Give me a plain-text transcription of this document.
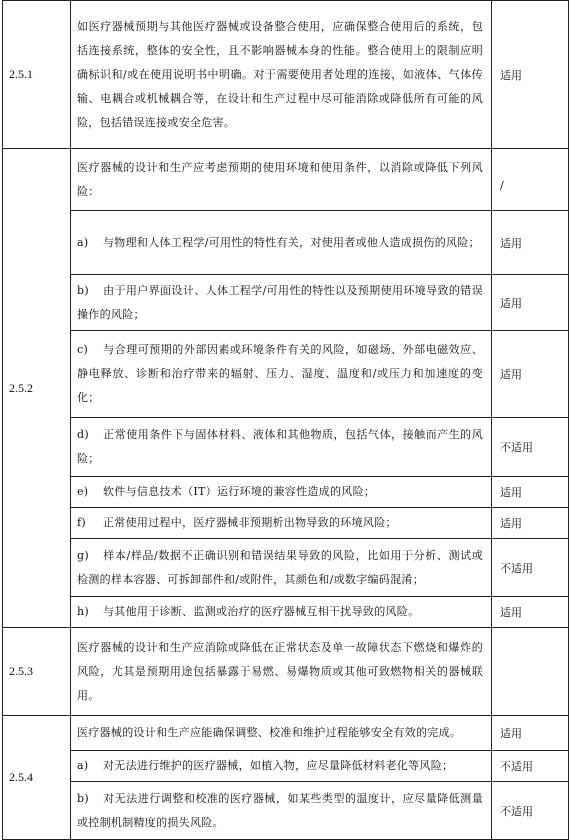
2.5.1	如医疗器械预期与其他医疗器械或设备整合使用，应确保整合使用后的系统，包括连接系统，整体的安全性，且不影响器械本身的性能。整合使用上的限制应明确标识和/或在使用说明书中明确。对于需要使用者处理的连接，如液体、气体传输、电耦合或机械耦合等，在设计和生产过程中尽可能消除或降低所有可能的风险，包括错误连接或安全危害。	适用
2.5.2	医疗器械的设计和生产应考虑预期的使用环境和使用条件，以消除或降低下列风险：	/
	a) 与物理和人体工程学/可用性的特性有关，对使用者或他人造成损伤的风险；	适用
	b) 由于用户界面设计、人体工程学/可用性的特性以及预期使用环境导致的错误操作的风险；	适用
	c) 与合理可预期的外部因素或环境条件有关的风险，如磁场、外部电磁效应、静电释放、诊断和治疗带来的辐射、压力、湿度、温度和/或压力和加速度的变化；	适用
	d) 正常使用条件下与固体材料、液体和其他物质，包括气体，接触而产生的风险；	不适用
	e) 软件与信息技术（IT）运行环境的兼容性造成的风险；	适用
	f) 正常使用过程中，医疗器械非预期析出物导致的环境风险；	适用
	g) 样本/样品/数据不正确识别和错误结果导致的风险，比如用于分析、测试或检测的样本容器、可拆卸部件和/或附件，其颜色和/或数字编码混淆；	不适用
	h) 与其他用于诊断、监测或治疗的医疗器械互相干扰导致的风险。	适用
2.5.3	医疗器械的设计和生产应消除或降低在正常状态及单一故障状态下燃烧和爆炸的风险，尤其是预期用途包括暴露于易燃、易爆物质或其他可致燃物相关的器械联用。	
2.5.4	医疗器械的设计和生产应能确保调整、校准和维护过程能够安全有效的完成。	适用
	a) 对无法进行维护的医疗器械，如植入物，应尽量降低材料老化等风险；	不适用
	b) 对无法进行调整和校准的医疗器械，如某些类型的温度计，应尽量降低测量或控制机制精度的损失风险。	不适用
